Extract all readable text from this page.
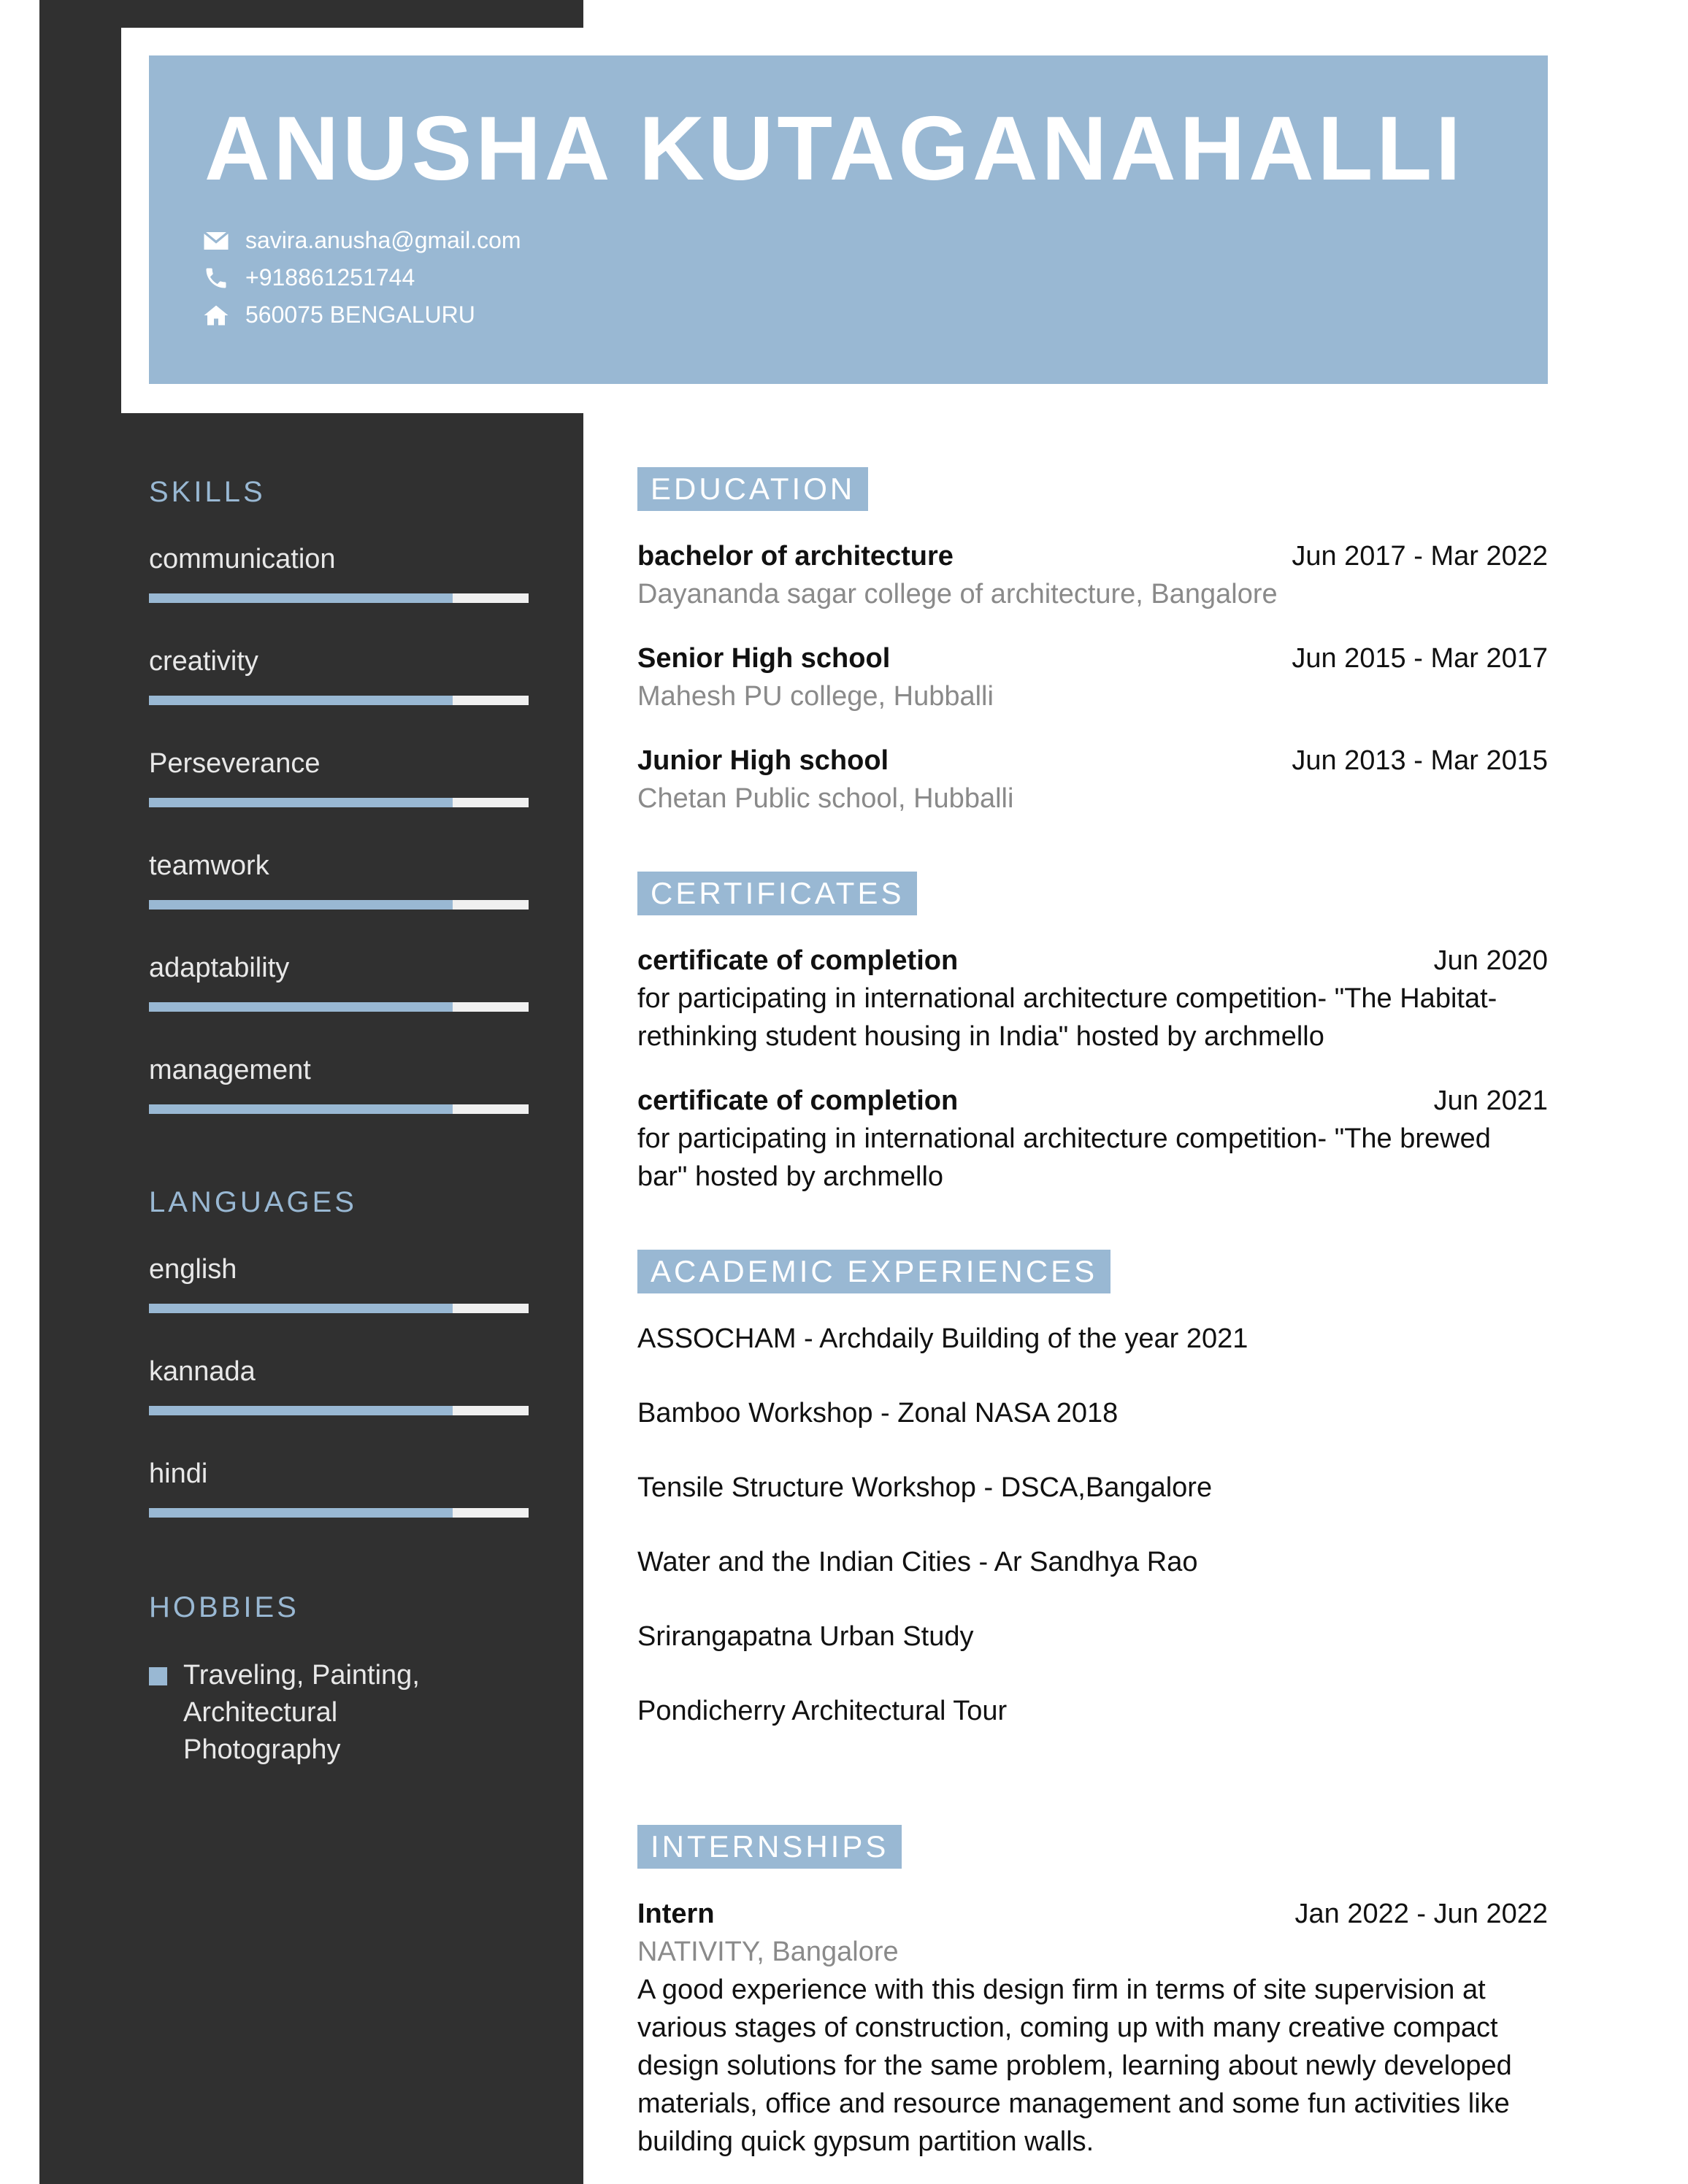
ANUSHA KUTAGANAHALLI
savira.anusha@gmail.com
+918861251744
560075 BENGALURU
SKILLS
communication
creativity
Perseverance
teamwork
adaptability
management
LANGUAGES
english
kannada
hindi
HOBBIES
Traveling, Painting, Architectural Photography
EDUCATION
bachelor of architecture	Jun 2017 - Mar 2022
Dayananda sagar college of architecture, Bangalore
Senior High school	Jun 2015 - Mar 2017
Mahesh PU college, Hubballi
Junior High school	Jun 2013 - Mar 2015
Chetan Public school, Hubballi
CERTIFICATES
certificate of completion	Jun 2020
for participating in international architecture competition- "The Habitat-rethinking student housing in India" hosted by archmello
certificate of completion	Jun 2021
for participating in international architecture competition- "The brewed bar" hosted by archmello
ACADEMIC EXPERIENCES
ASSOCHAM - Archdaily Building of the year 2021
Bamboo Workshop - Zonal NASA 2018
Tensile Structure Workshop - DSCA,Bangalore
Water and the Indian Cities - Ar Sandhya Rao
Srirangapatna Urban Study
Pondicherry Architectural Tour
INTERNSHIPS
Intern	Jan 2022 - Jun 2022
NATIVITY, Bangalore
A good experience with this design firm in terms of site supervision at various stages of construction, coming up with many creative compact design solutions for the same problem, learning about newly developed materials, office and resource management and some fun activities like building quick gypsum partition walls.
